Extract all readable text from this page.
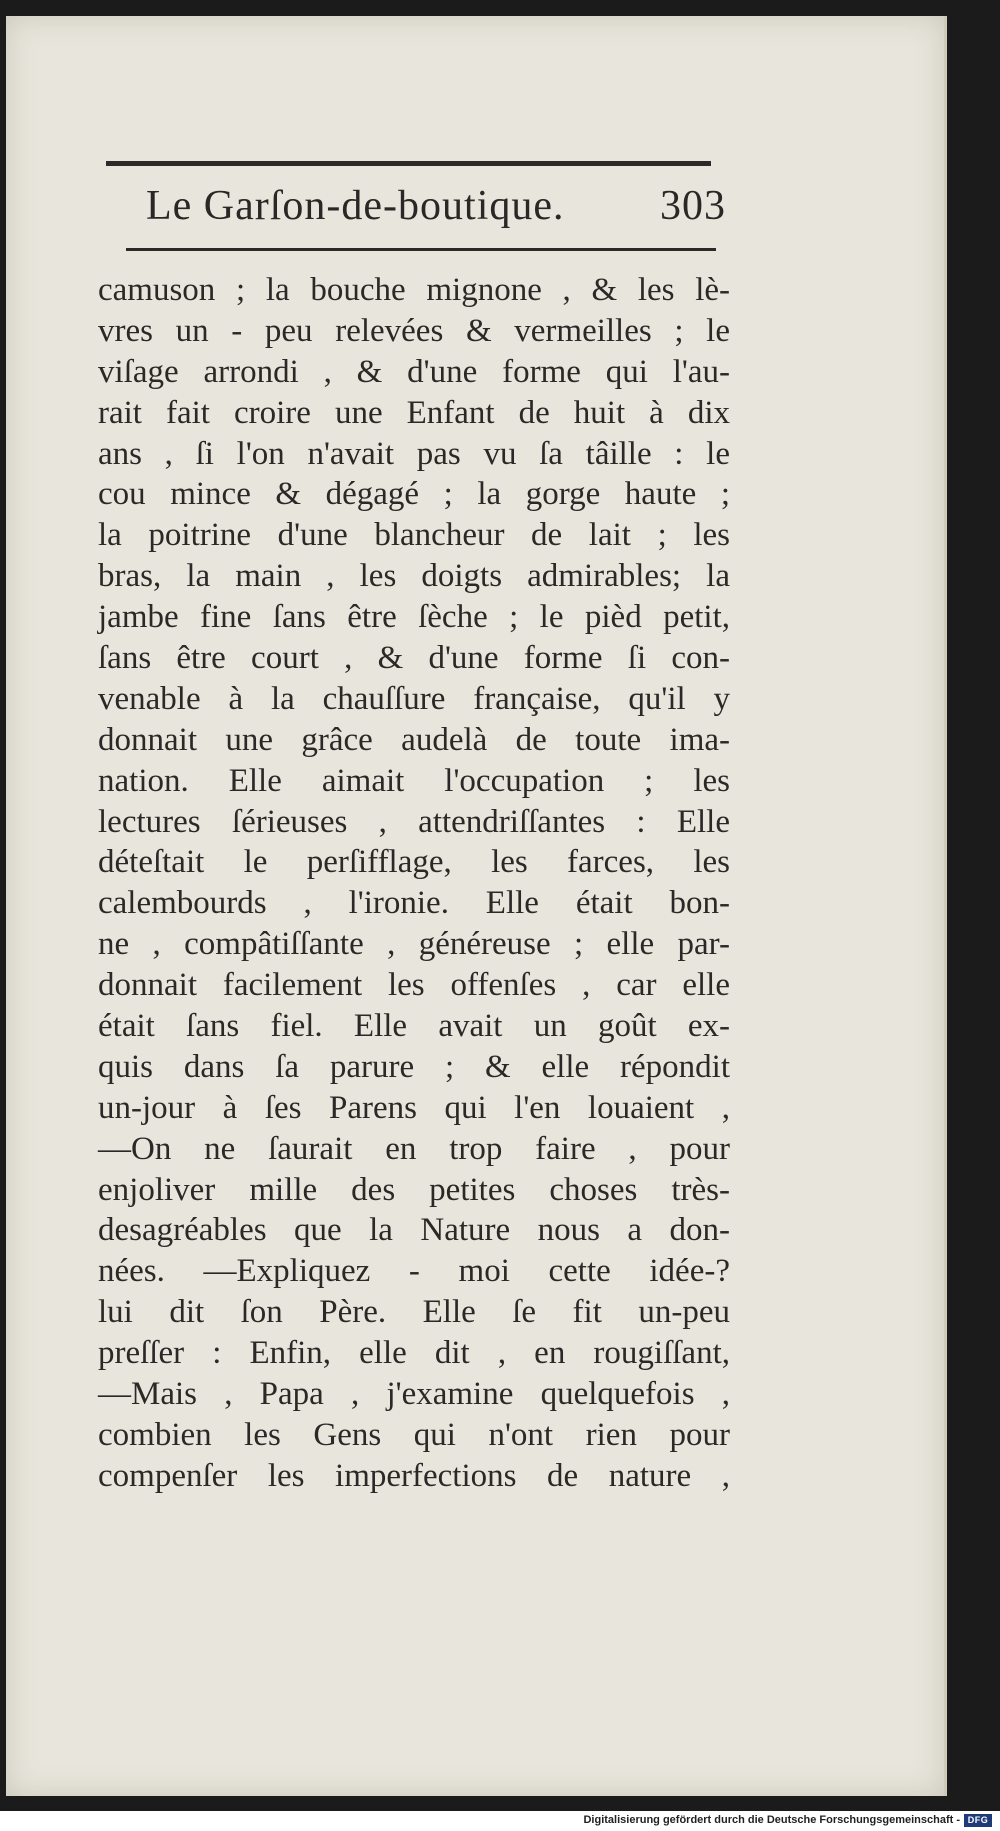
Le Garſon-de-boutique. 303
camuson ; la bouche mignone , & les lè-
vres un - peu relevées & vermeilles ; le
viſage arrondi , & d'une forme qui l'au-
rait fait croire une Enfant de huit à dix
ans , ſi l'on n'avait pas vu ſa tâille : le
cou mince & dégagé ; la gorge haute ;
la poitrine d'une blancheur de lait ; les
bras, la main , les doigts admirables; la
jambe fine ſans être ſèche ; le pièd petit,
ſans être court , & d'une forme ſi con-
venable à la chauſſure française, qu'il y
donnait une grâce audelà de toute ima-
nation. Elle aimait l'occupation ; les
lectures ſérieuses , attendriſſantes : Elle
déteſtait le perſifflage, les farces, les
calembourds , l'ironie. Elle était bon-
ne , compâtiſſante , généreuse ; elle par-
donnait facilement les offenſes , car elle
était ſans fiel. Elle avait un goût ex-
quis dans ſa parure ; & elle répondit
un-jour à ſes Parens qui l'en louaient ,
—On ne ſaurait en trop faire , pour
enjoliver mille des petites choses très-
desagréables que la Nature nous a don-
nées. —Expliquez - moi cette idée-?
lui dit ſon Père. Elle ſe fit un-peu
preſſer : Enfin, elle dit , en rougiſſant,
—Mais , Papa , j'examine quelquefois ,
combien les Gens qui n'ont rien pour
compenſer les imperfections de nature ,
Digitalisierung gefördert durch die Deutsche Forschungsgemeinschaft - DFG
